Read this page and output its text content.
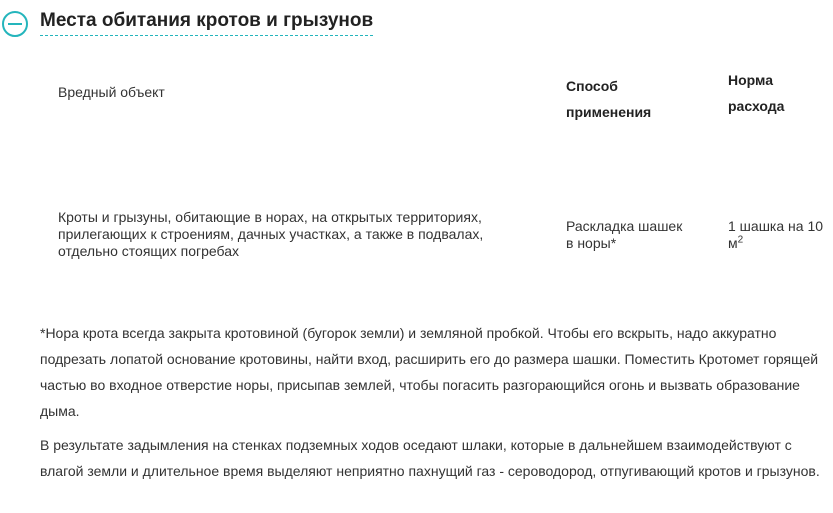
Места обитания кротов и грызунов
Вредный объект	Способ применения
Норма расхода
Кроты и грызуны, обитающие в норах, на открытых территориях, прилегающих к строениям, дачных участках, а также в подвалах, отдельно стоящих погребах
Раскладка шашек в норы*
1 шашка на 10 $м^2$

*Нора крота всегда закрыта кротовиной (бугорок земли) и земляной пробкой. Чтобы его вскрыть, надо аккуратно подрезать лопатой основание кротовины, найти вход, расширить его до размера шашки. Поместить Кротомет горящей частью во входное отверстие норы, присыпав землей, чтобы погасить разгорающийся огонь и вызвать образование дыма.

В результате задымления на стенках подземных ходов оседают шлаки, которые в дальнейшем взаимодействуют с влагой земли и длительное время выделяют неприятно пахнущий газ - сероводород, отпугивающий кротов и грызунов.
